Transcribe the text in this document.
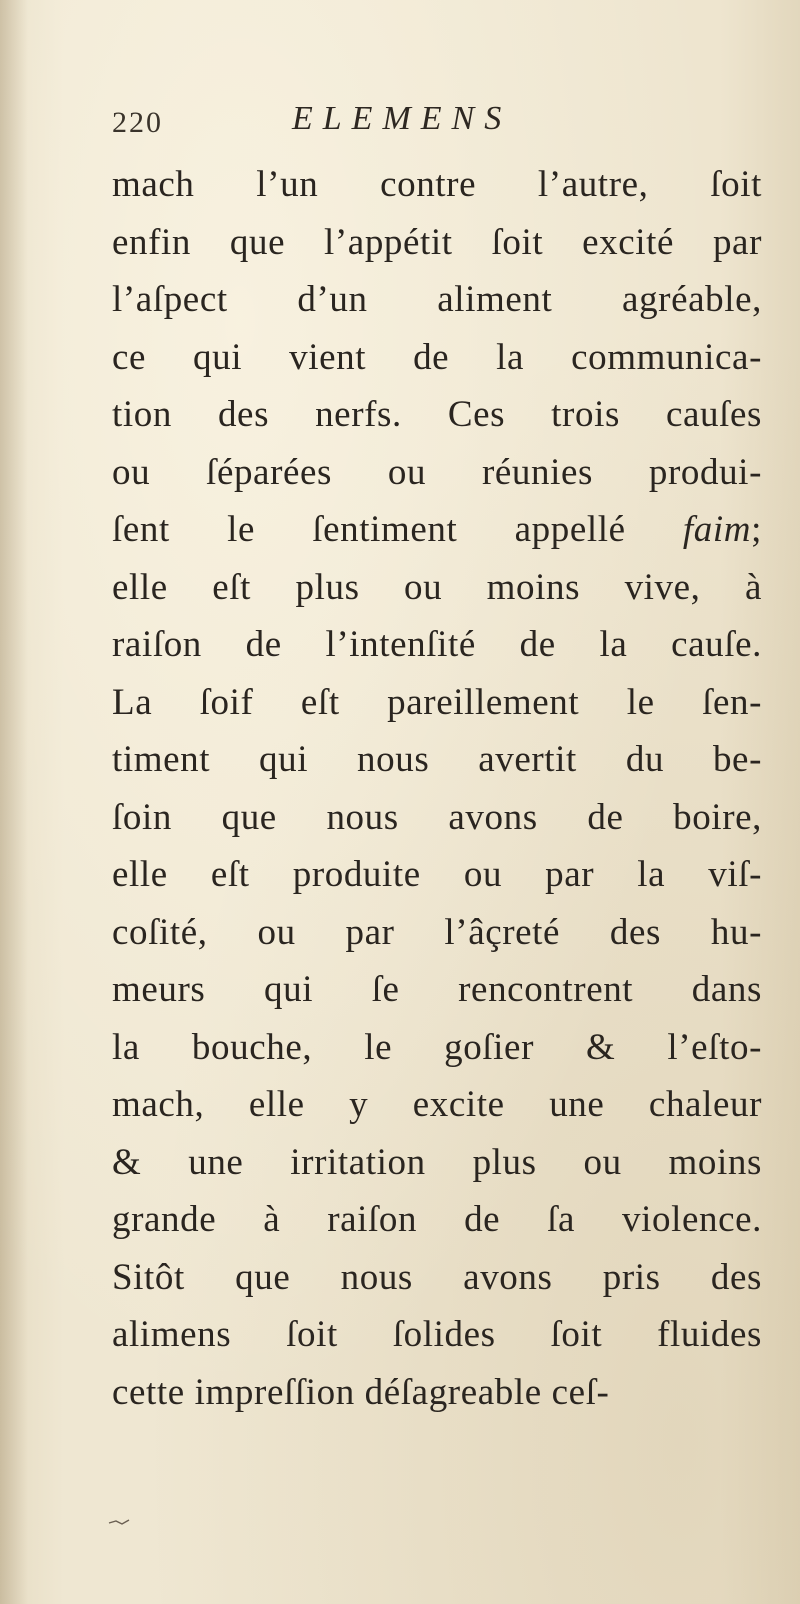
220	ELEMENS
mach l’un contre l’autre, ſoit
enfin que l’appétit ſoit excité par
l’aſpect d’un aliment agréable,
ce qui vient de la communica-
tion des nerfs. Ces trois cauſes
ou ſéparées ou réunies produi-
ſent le ſentiment appellé faim;
elle eſt plus ou moins vive, à
raiſon de l’intenſité de la cauſe.
La ſoif eſt pareillement le ſen-
timent qui nous avertit du be-
ſoin que nous avons de boire,
elle eſt produite ou par la viſ-
coſité, ou par l’âçreté des hu-
meurs qui ſe rencontrent dans
la bouche, le goſier & l’eſto-
mach, elle y excite une chaleur
& une irritation plus ou moins
grande à raiſon de ſa violence.
Sitôt que nous avons pris des
alimens ſoit ſolides ſoit fluides
cette impreſſion déſagreable ceſ-
